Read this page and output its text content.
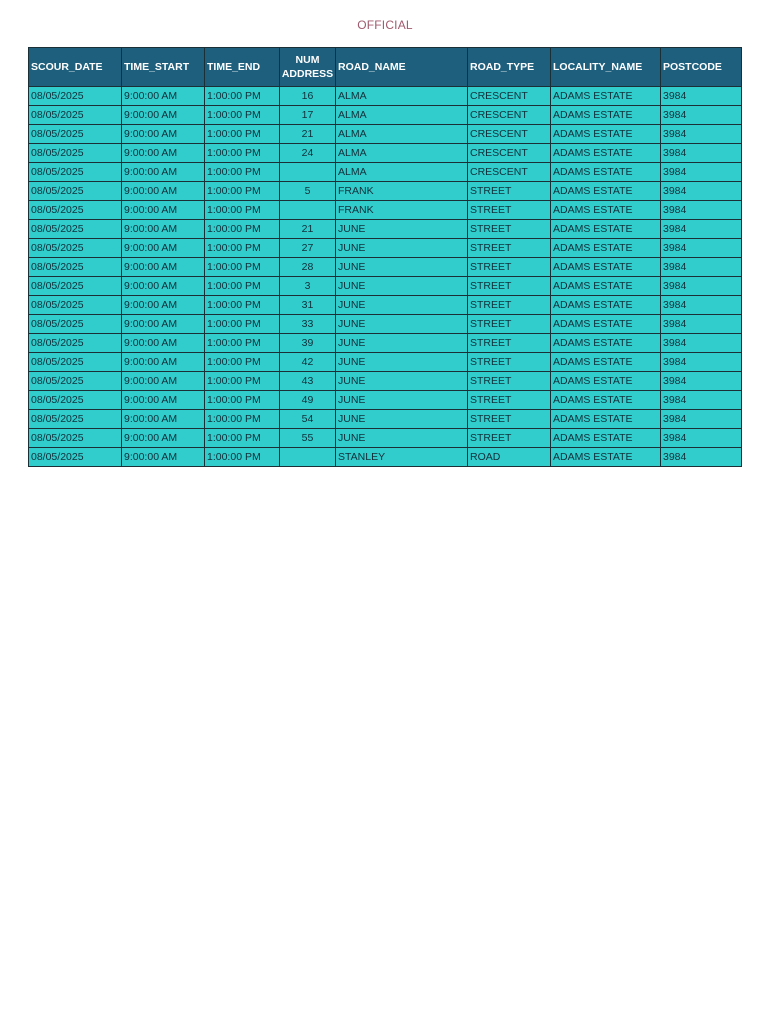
OFFICIAL
SCOUR_DATE	TIME_START	TIME_END	NUM ADDRESS	ROAD_NAME	ROAD_TYPE	LOCALITY_NAME	POSTCODE
08/05/2025	9:00:00 AM	1:00:00 PM	16	ALMA	CRESCENT	ADAMS ESTATE	3984
08/05/2025	9:00:00 AM	1:00:00 PM	17	ALMA	CRESCENT	ADAMS ESTATE	3984
08/05/2025	9:00:00 AM	1:00:00 PM	21	ALMA	CRESCENT	ADAMS ESTATE	3984
08/05/2025	9:00:00 AM	1:00:00 PM	24	ALMA	CRESCENT	ADAMS ESTATE	3984
08/05/2025	9:00:00 AM	1:00:00 PM		ALMA	CRESCENT	ADAMS ESTATE	3984
08/05/2025	9:00:00 AM	1:00:00 PM	5	FRANK	STREET	ADAMS ESTATE	3984
08/05/2025	9:00:00 AM	1:00:00 PM		FRANK	STREET	ADAMS ESTATE	3984
08/05/2025	9:00:00 AM	1:00:00 PM	21	JUNE	STREET	ADAMS ESTATE	3984
08/05/2025	9:00:00 AM	1:00:00 PM	27	JUNE	STREET	ADAMS ESTATE	3984
08/05/2025	9:00:00 AM	1:00:00 PM	28	JUNE	STREET	ADAMS ESTATE	3984
08/05/2025	9:00:00 AM	1:00:00 PM	3	JUNE	STREET	ADAMS ESTATE	3984
08/05/2025	9:00:00 AM	1:00:00 PM	31	JUNE	STREET	ADAMS ESTATE	3984
08/05/2025	9:00:00 AM	1:00:00 PM	33	JUNE	STREET	ADAMS ESTATE	3984
08/05/2025	9:00:00 AM	1:00:00 PM	39	JUNE	STREET	ADAMS ESTATE	3984
08/05/2025	9:00:00 AM	1:00:00 PM	42	JUNE	STREET	ADAMS ESTATE	3984
08/05/2025	9:00:00 AM	1:00:00 PM	43	JUNE	STREET	ADAMS ESTATE	3984
08/05/2025	9:00:00 AM	1:00:00 PM	49	JUNE	STREET	ADAMS ESTATE	3984
08/05/2025	9:00:00 AM	1:00:00 PM	54	JUNE	STREET	ADAMS ESTATE	3984
08/05/2025	9:00:00 AM	1:00:00 PM	55	JUNE	STREET	ADAMS ESTATE	3984
08/05/2025	9:00:00 AM	1:00:00 PM		STANLEY	ROAD	ADAMS ESTATE	3984
